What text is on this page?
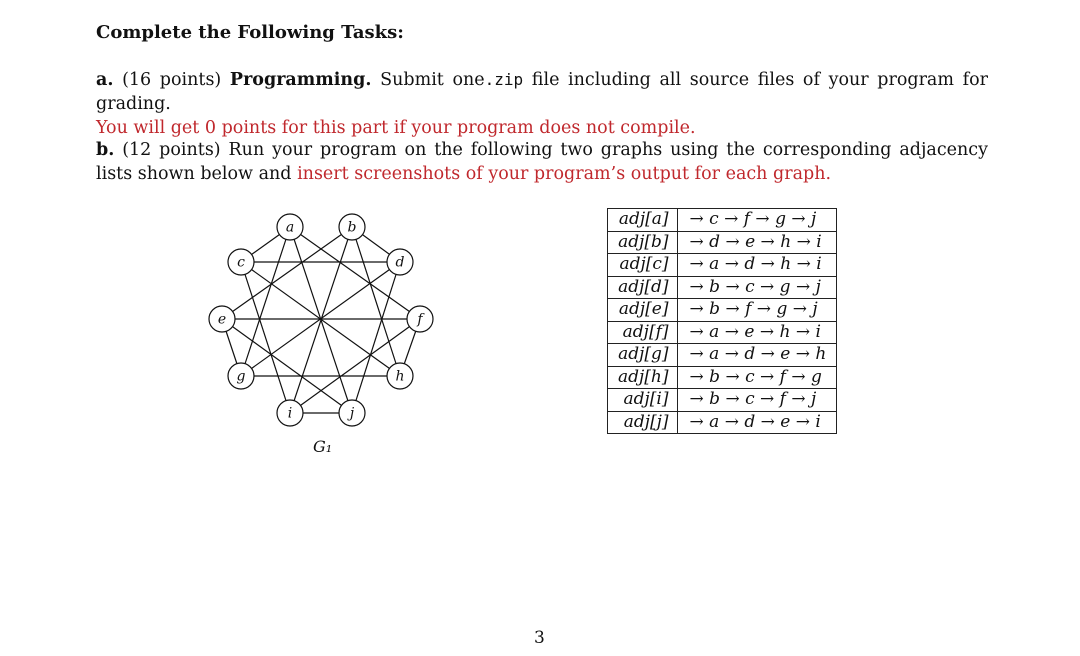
Complete the Following Tasks:
a. (16 points) Programming. Submit one.zip file including all source files of your program for grading.
You will get 0 points for this part if your program does not compile.
b. (12 points) Run your program on the following two graphs using the corresponding adjacency lists shown below and insert screenshots of your program’s output for each graph.
a	b
c	d
e	f
g	h
i	j
G₁
adj[a]	→ c → f → g → j
adj[b]	→ d → e → h → i
adj[c]	→ a → d → h → i
adj[d]	→ b → c → g → j
adj[e]	→ b → f → g → j
adj[f]	→ a → e → h → i
adj[g]	→ a → d → e → h
adj[h]	→ b → c → f → g
adj[i]	→ b → c → f → j
adj[j]	→ a → d → e → i
3
